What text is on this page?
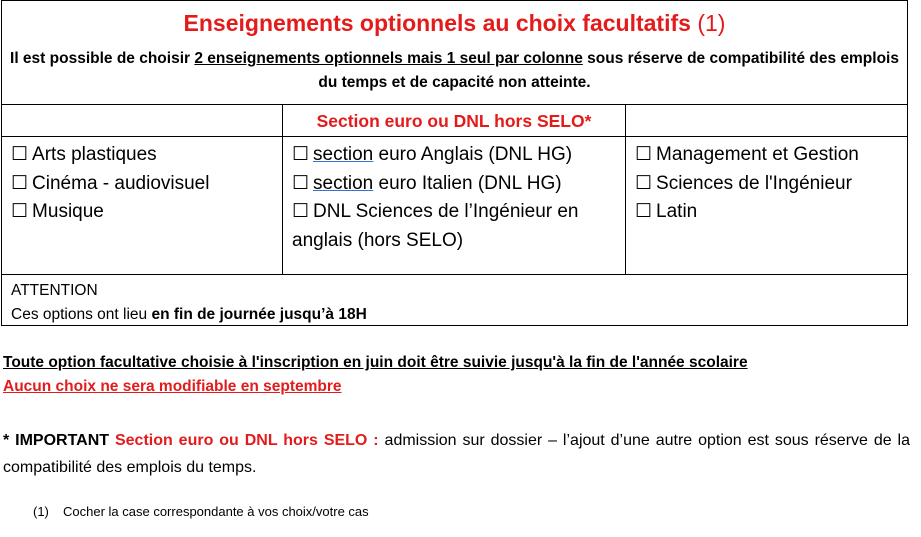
Enseignements optionnels au choix facultatifs (1)
Il est possible de choisir 2 enseignements optionnels mais 1 seul par colonne sous réserve de compatibilité des emplois du temps et de capacité non atteinte.
Section euro ou DNL hors SELO*
☐ Arts plastiques
☐ Cinéma - audiovisuel
☐ Musique
☐ section euro Anglais (DNL HG)
☐ section euro Italien (DNL HG)
☐ DNL Sciences de l’Ingénieur en anglais (hors SELO)
☐ Management et Gestion
☐ Sciences de l'Ingénieur
☐ Latin
ATTENTION
Ces options ont lieu en fin de journée jusqu’à 18H
Toute option facultative choisie à l'inscription en juin doit être suivie jusqu'à la fin de l'année scolaire
Aucun choix ne sera modifiable en septembre
* IMPORTANT Section euro ou DNL hors SELO : admission sur dossier – l’ajout d’une autre option est sous réserve de la compatibilité des emplois du temps.
(1) Cocher la case correspondante à vos choix/votre cas
